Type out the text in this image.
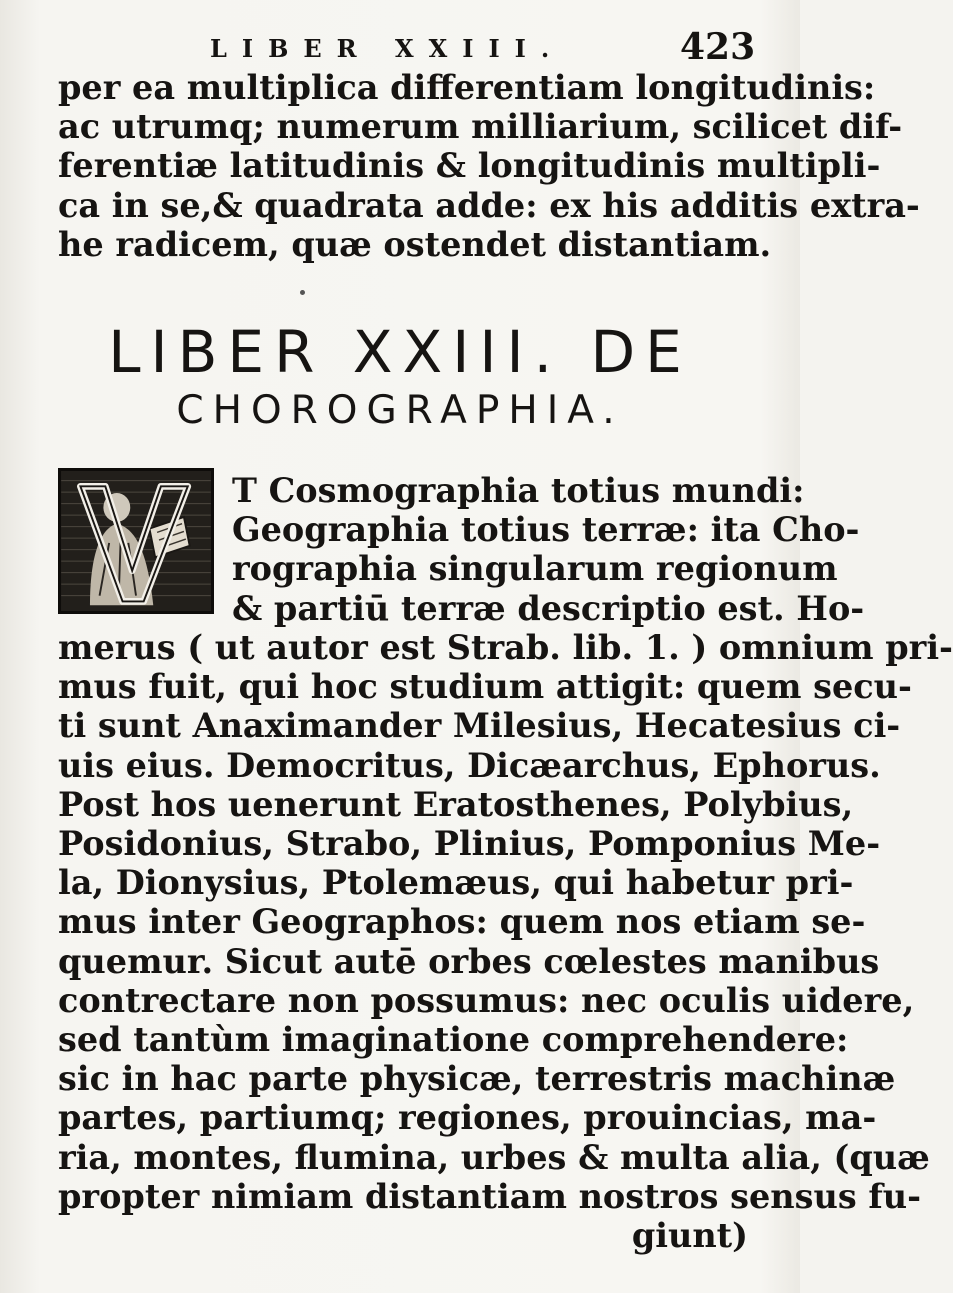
LIBER XXIII.	423
per ea multiplica differentiam longitudinis:
ac utrumq; numerum milliarium, scilicet dif-
ferentiæ latitudinis & longitudinis multipli-
ca in se,& quadrata adde: ex his additis extra-
he radicem, quæ ostendet distantiam.
LIBER XXIII. DE
CHOROGRAPHIA.
T Cosmographia totius mundi:
Geographia totius terræ: ita Cho-
rographia singularum regionum
& partiū terræ descriptio est. Ho-
merus ( ut autor est Strab. lib. 1. ) omnium pri-
mus fuit, qui hoc studium attigit: quem secu-
ti sunt Anaximander Milesius, Hecatesius ci-
uis eius. Democritus, Dicæarchus, Ephorus.
Post hos uenerunt Eratosthenes, Polybius,
Posidonius, Strabo, Plinius, Pomponius Me-
la, Dionysius, Ptolemæus, qui habetur pri-
mus inter Geographos: quem nos etiam se-
quemur. Sicut autē orbes cœlestes manibus
contrectare non possumus: nec oculis uidere,
sed tantùm imaginatione comprehendere:
sic in hac parte physicæ, terrestris machinæ
partes, partiumq; regiones, prouincias, ma-
ria, montes, flumina, urbes & multa alia, (quæ
propter nimiam distantiam nostros sensus fu-
giunt)
